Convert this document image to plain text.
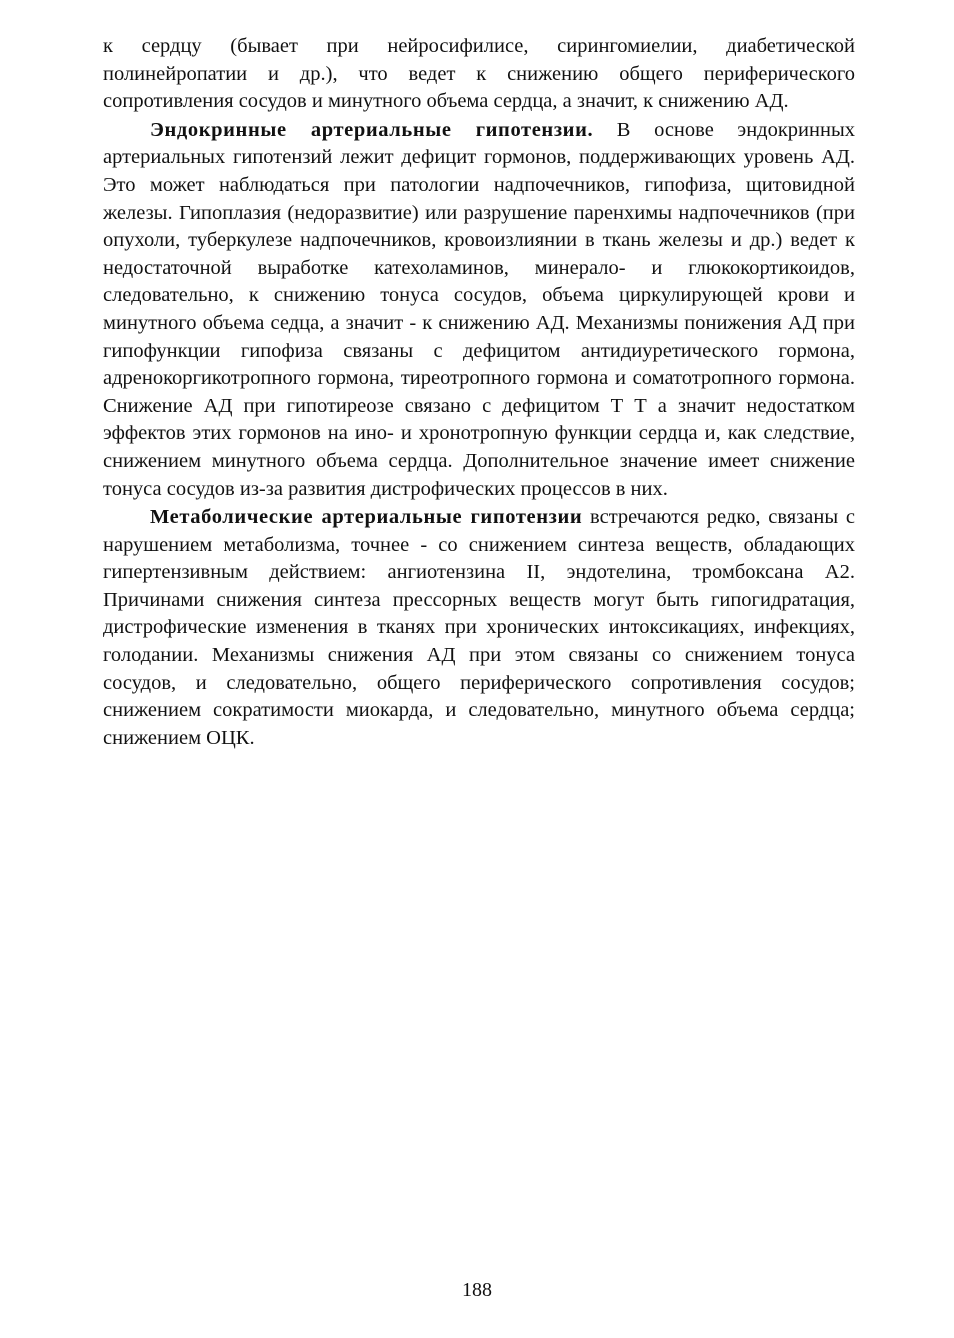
к сердцу (бывает при нейросифилисе, сирингомиелии, диабетической полинейропатии и др.), что ведет к снижению общего периферического сопротивления сосудов и минутного объема сердца, а значит, к снижению АД.

Эндокринные артериальные гипотензии. В основе эндокринных артериальных гипотензий лежит дефицит гормонов, поддерживающих уровень АД. Это может наблюдаться при патологии надпочечников, гипофиза, щитовидной железы. Гипоплазия (недоразвитие) или разрушение паренхимы надпочечников (при опухоли, туберкулезе надпочечников, кровоизлиянии в ткань железы и др.) ведет к недостаточной выработке катехоламинов, минерало- и глюкокортикоидов, следовательно, к снижению тонуса сосудов, объема циркулирующей крови и минутного объема седца, а значит - к снижению АД. Механизмы понижения АД при гипофункции гипофиза связаны с дефицитом антидиуретического гормона, адренокоргикотропного гормона, тиреотропного гормона и соматотропного гормона. Снижение АД при гипотиреозе связано с дефицитом Т Т а значит недостатком эффектов этих гормонов на ино- и хронотропную функции сердца и, как следствие, снижением минутного объема сердца. Дополнительное значение имеет снижение тонуса сосудов из-за развития дистрофических процессов в них.

Метаболические артериальные гипотензии встречаются редко, связаны с нарушением метаболизма, точнее - со снижением синтеза веществ, обладающих гипертензивным действием: ангиотензина II, эндотелина, тромбоксана А2. Причинами снижения синтеза прессорных веществ могут быть гипогидратация, дистрофические изменения в тканях при хронических интоксикациях, инфекциях, голодании. Механизмы снижения АД при этом связаны со снижением тонуса сосудов, и следовательно, общего периферического сопротивления сосудов; снижением сократимости миокарда, и следовательно, минутного объема сердца; снижением ОЦК.

188
